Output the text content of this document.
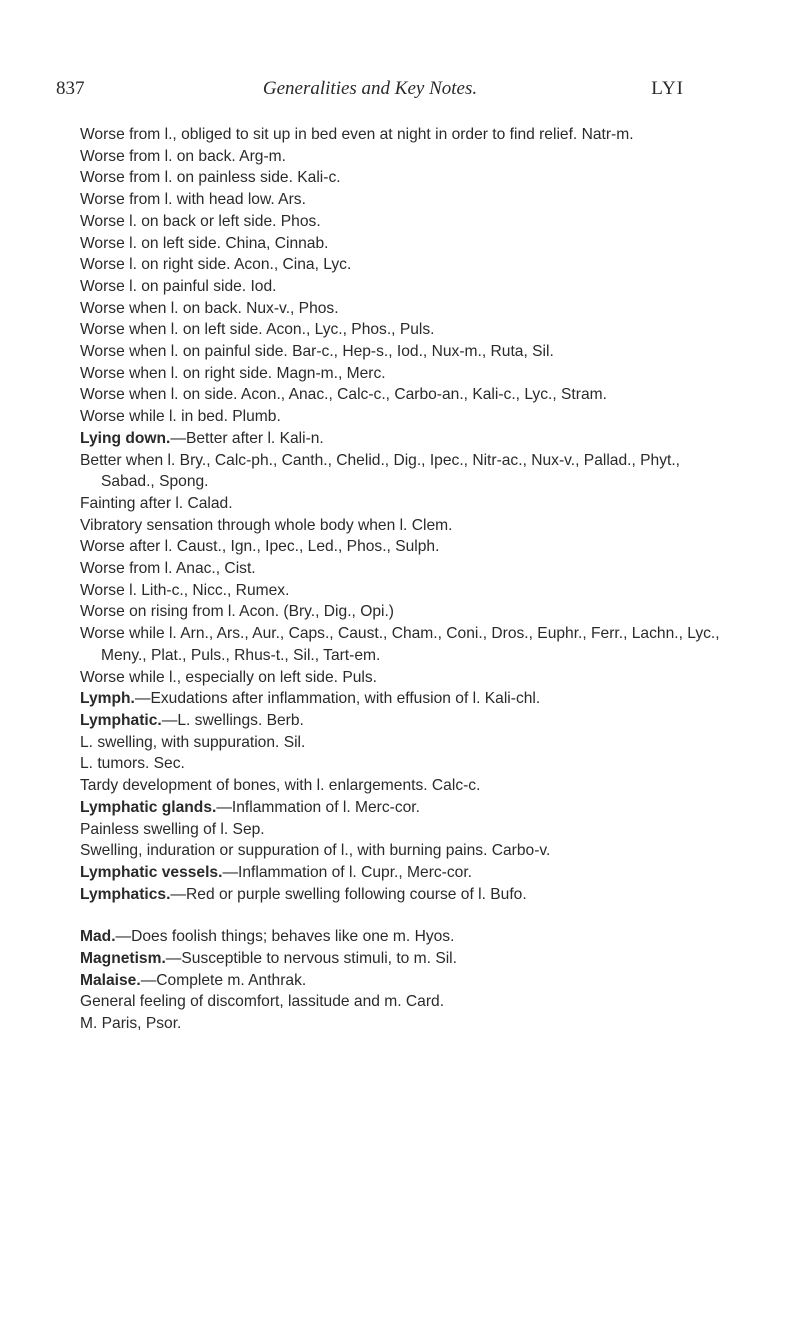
837	Generalities and Key Notes.	LYI

Worse from l., obliged to sit up in bed even at night in order to find relief. Natr-m.

Worse from l. on back. Arg-m.

Worse from l. on painless side. Kali-c.

Worse from l. with head low. Ars.

Worse l. on back or left side. Phos.

Worse l. on left side. China, Cinnab.

Worse l. on right side. Acon., Cina, Lyc.

Worse l. on painful side. Iod.

Worse when l. on back. Nux-v., Phos.

Worse when l. on left side. Acon., Lyc., Phos., Puls.

Worse when l. on painful side. Bar-c., Hep-s., Iod., Nux-m., Ruta, Sil.

Worse when l. on right side. Magn-m., Merc.

Worse when l. on side. Acon., Anac., Calc-c., Carbo-an., Kali-c., Lyc., Stram.

Worse while l. in bed. Plumb.

Lying down.—Better after l. Kali-n.

Better when l. Bry., Calc-ph., Canth., Chelid., Dig., Ipec., Nitr-ac., Nux-v., Pallad., Phyt., Sabad., Spong.

Fainting after l. Calad.

Vibratory sensation through whole body when l. Clem.

Worse after l. Caust., Ign., Ipec., Led., Phos., Sulph.

Worse from l. Anac., Cist.

Worse l. Lith-c., Nicc., Rumex.

Worse on rising from l. Acon. (Bry., Dig., Opi.)

Worse while l. Arn., Ars., Aur., Caps., Caust., Cham., Coni., Dros., Euphr., Ferr., Lachn., Lyc., Meny., Plat., Puls., Rhus-t., Sil., Tart-em.

Worse while l., especially on left side. Puls.

Lymph.—Exudations after inflammation, with effusion of l. Kali-chl.

Lymphatic.—L. swellings. Berb.

L. swelling, with suppuration. Sil.

L. tumors. Sec.

Tardy development of bones, with l. enlargements. Calc-c.

Lymphatic glands.—Inflammation of l. Merc-cor.

Painless swelling of l. Sep.

Swelling, induration or suppuration of l., with burning pains. Carbo-v.

Lymphatic vessels.—Inflammation of l. Cupr., Merc-cor.

Lymphatics.—Red or purple swelling following course of l. Bufo.

Mad.—Does foolish things; behaves like one m. Hyos.

Magnetism.—Susceptible to nervous stimuli, to m. Sil.

Malaise.—Complete m. Anthrak.

General feeling of discomfort, lassitude and m. Card.

M. Paris, Psor.
